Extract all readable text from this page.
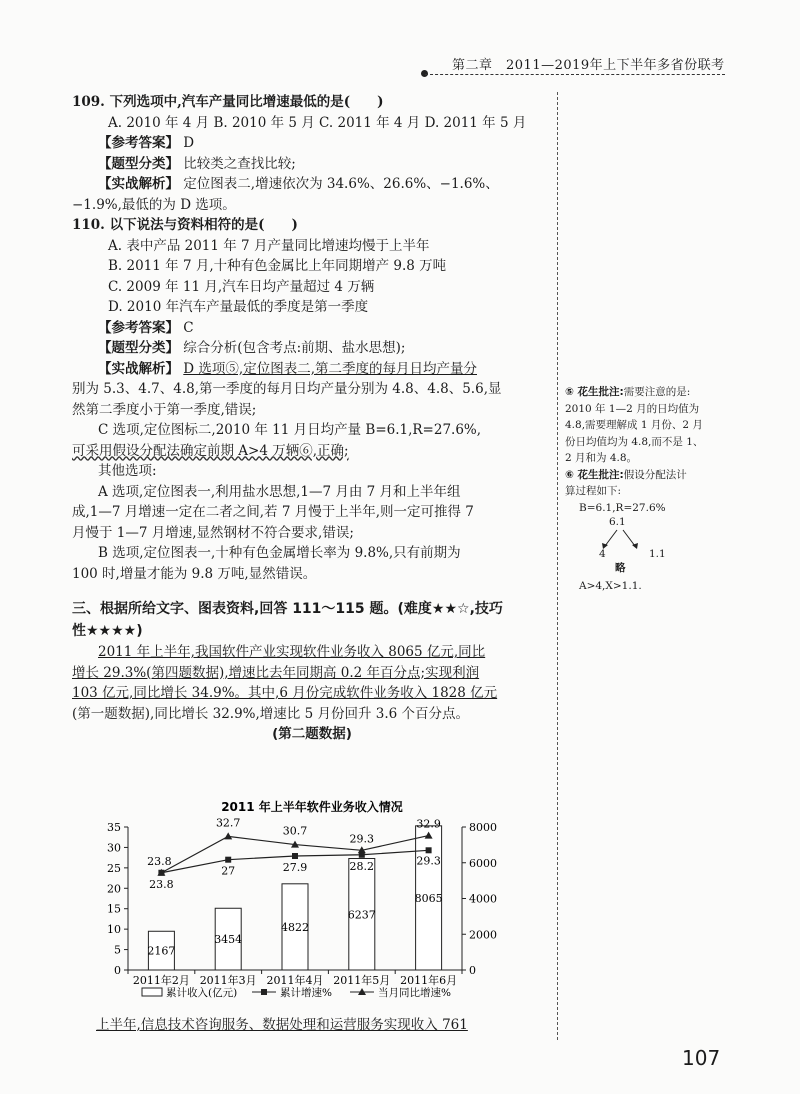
第二章　2011—2019年上下半年多省份联考

109. 下列选项中,汽车产量同比增速最低的是(　　)

A. 2010 年 4 月 B. 2010 年 5 月 C. 2011 年 4 月 D. 2011 年 5 月

【参考答案】 D

【题型分类】 比较类之查找比较;

【实战解析】 定位图表二,增速依次为 34.6%、26.6%、−1.6%、

−1.9%,最低的为 D 选项。

110. 以下说法与资料相符的是(　　)

A. 表中产品 2011 年 7 月产量同比增速均慢于上半年

B. 2011 年 7 月,十种有色金属比上年同期增产 9.8 万吨

C. 2009 年 11 月,汽车日均产量超过 4 万辆

D. 2010 年汽车产量最低的季度是第一季度

【参考答案】 C

【题型分类】 综合分析(包含考点:前期、盐水思想);

【实战解析】 D 选项⑤,定位图表二,第二季度的每月日均产量分

别为 5.3、4.7、4.8,第一季度的每月日均产量分别为 4.8、4.8、5.6,显

然第二季度小于第一季度,错误;

C 选项,定位图标二,2010 年 11 月日均产量 B=6.1,R=27.6%,

可采用假设分配法确定前期 A>4 万辆⑥,正确;

其他选项:

A 选项,定位图表一,利用盐水思想,1—7 月由 7 月和上半年组

成,1—7 月增速一定在二者之间,若 7 月慢于上半年,则一定可推得 7

月慢于 1—7 月增速,显然钢材不符合要求,错误;

B 选项,定位图表一,十种有色金属增长率为 9.8%,只有前期为

100 时,增量才能为 9.8 万吨,显然错误。

三、根据所给文字、图表资料,回答 111～115 题。(难度★★☆,技巧

性★★★★)

2011 年上半年,我国软件产业实现软件业务收入 8065 亿元,同比

增长 29.3%(第四题数据),增速比去年同期高 0.2 年百分点;实现利润

103 亿元,同比增长 34.9%。其中,6 月份完成软件业务收入 1828 亿元

(第一题数据),同比增长 32.9%,增速比 5 月份回升 3.6 个百分点。

(第二题数据)

2011 年上半年软件业务收入情况
0
5
10
15
20
25
30
35
0
2000
4000
6000
8000
2011年2月 2011年3月 2011年4月 2011年5月 2011年6月
2167
3454
4822
6237
8065
23.8
32.7
30.7
29.3
32.9
23.8
27	27.9	28.2	29.3
累计收入(亿元)	累计增速%	当月同比增速%
上半年,信息技术咨询服务、数据处理和运营服务实现收入 761

⑤ 花生批注:需要注意的是:

2010 年 1—2 月的日均值为

4.8,需要理解成 1 月份、2 月

份日均值均为 4.8,而不是 1、

2 月和为 4.8。

⑥ 花生批注:假设分配法计

算过程如下:

B=6.1,R=27.6%

6.1
4	1.1
略

A>4,X>1.1.

107
